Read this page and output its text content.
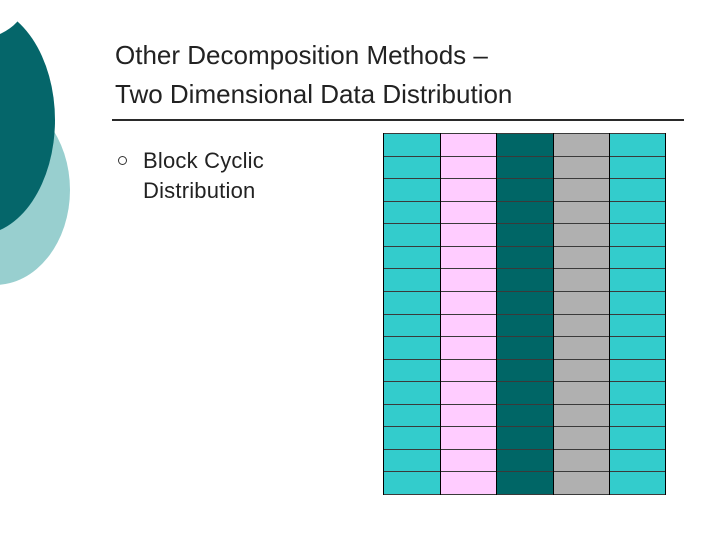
Other Decomposition Methods –
Two Dimensional Data Distribution
Block Cyclic
Distribution
